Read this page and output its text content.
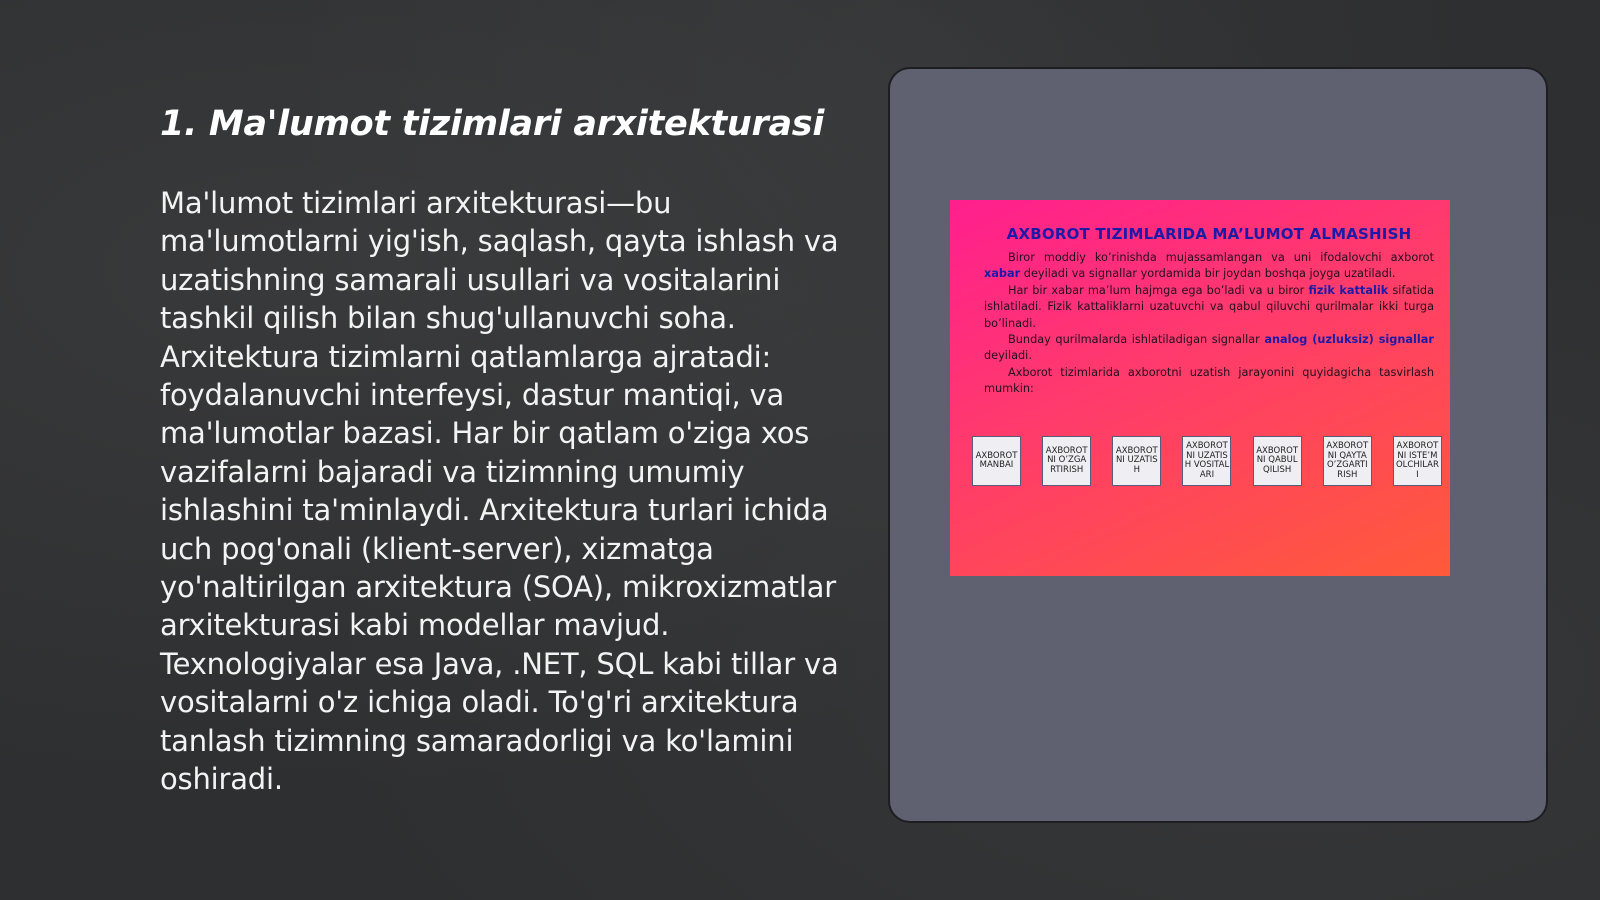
1. Ma'lumot tizimlari arxitekturasi

Ma'lumot tizimlari arxitekturasi—bu ma'lumotlarni yig'ish, saqlash, qayta ishlash va uzatishning samarali usullari va vositalarini tashkil qilish bilan shug'ullanuvchi soha. Arxitektura tizimlarni qatlamlarga ajratadi: foydalanuvchi interfeysi, dastur mantiqi, va ma'lumotlar bazasi. Har bir qatlam o'ziga xos vazifalarni bajaradi va tizimning umumiy ishlashini ta'minlaydi. Arxitektura turlari ichida uch pog'onali (klient-server), xizmatga yo'naltirilgan arxitektura (SOA), mikroxizmatlar arxitekturasi kabi modellar mavjud. Texnologiyalar esa Java, .NET, SQL kabi tillar va vositalarni o'z ichiga oladi. To'g'ri arxitektura tanlash tizimning samaradorligi va ko'lamini oshiradi.

AXBOROT TIZIMLARIDA MA’LUMOT ALMASHISH

Biror moddiy ko’rinishda mujassamlangan va uni ifodalovchi axborot xabar deyiladi va signallar yordamida bir joydan boshqa joyga uzatiladi.

Har bir xabar ma’lum hajmga ega bo’ladi va u biror fizik kattalik sifatida ishlatiladi. Fizik kattaliklarni uzatuvchi va qabul qiluvchi qurilmalar ikki turga bo’linadi.

Bunday qurilmalarda ishlatiladigan signallar analog (uzluksiz) signallar deyiladi.

Axborot tizimlarida axborotni uzatish jarayonini quyidagicha tasvirlash mumkin:

AXBOROT MANBAI
AXBOROTNI O’ZGARTIRISH
AXBOROTNI UZATISH
AXBOROTNI UZATISH VOSITALARI
AXBOROTNI QABUL QILISH
AXBOROTNI QAYTA O’ZGARTIRISH
AXBOROTNI ISTE’MOLCHILARI
